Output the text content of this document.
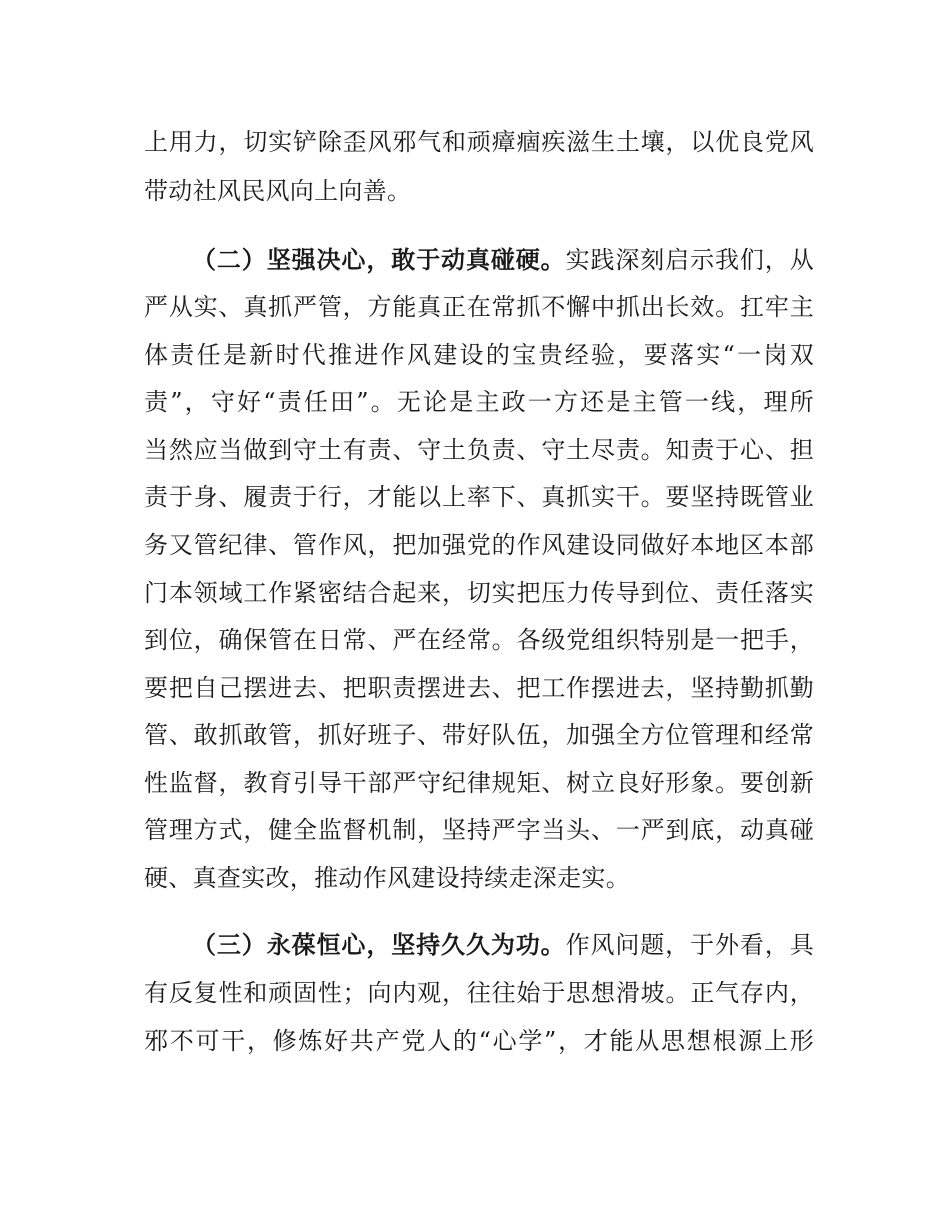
上用力，切实铲除歪风邪气和顽瘴痼疾滋生土壤，以优良党风
带动社风民风向上向善。
（二）坚强决心，敢于动真碰硬。实践深刻启示我们，从
严从实、真抓严管，方能真正在常抓不懈中抓出长效。扛牢主
体责任是新时代推进作风建设的宝贵经验，要落实“一岗双
责”，守好“责任田”。无论是主政一方还是主管一线，理所
当然应当做到守土有责、守土负责、守土尽责。知责于心、担
责于身、履责于行，才能以上率下、真抓实干。要坚持既管业
务又管纪律、管作风，把加强党的作风建设同做好本地区本部
门本领域工作紧密结合起来，切实把压力传导到位、责任落实
到位，确保管在日常、严在经常。各级党组织特别是一把手，
要把自己摆进去、把职责摆进去、把工作摆进去，坚持勤抓勤
管、敢抓敢管，抓好班子、带好队伍，加强全方位管理和经常
性监督，教育引导干部严守纪律规矩、树立良好形象。要创新
管理方式，健全监督机制，坚持严字当头、一严到底，动真碰
硬、真查实改，推动作风建设持续走深走实。
（三）永葆恒心，坚持久久为功。作风问题，于外看，具
有反复性和顽固性；向内观，往往始于思想滑坡。正气存内，
邪不可干，修炼好共产党人的“心学”，才能从思想根源上形
